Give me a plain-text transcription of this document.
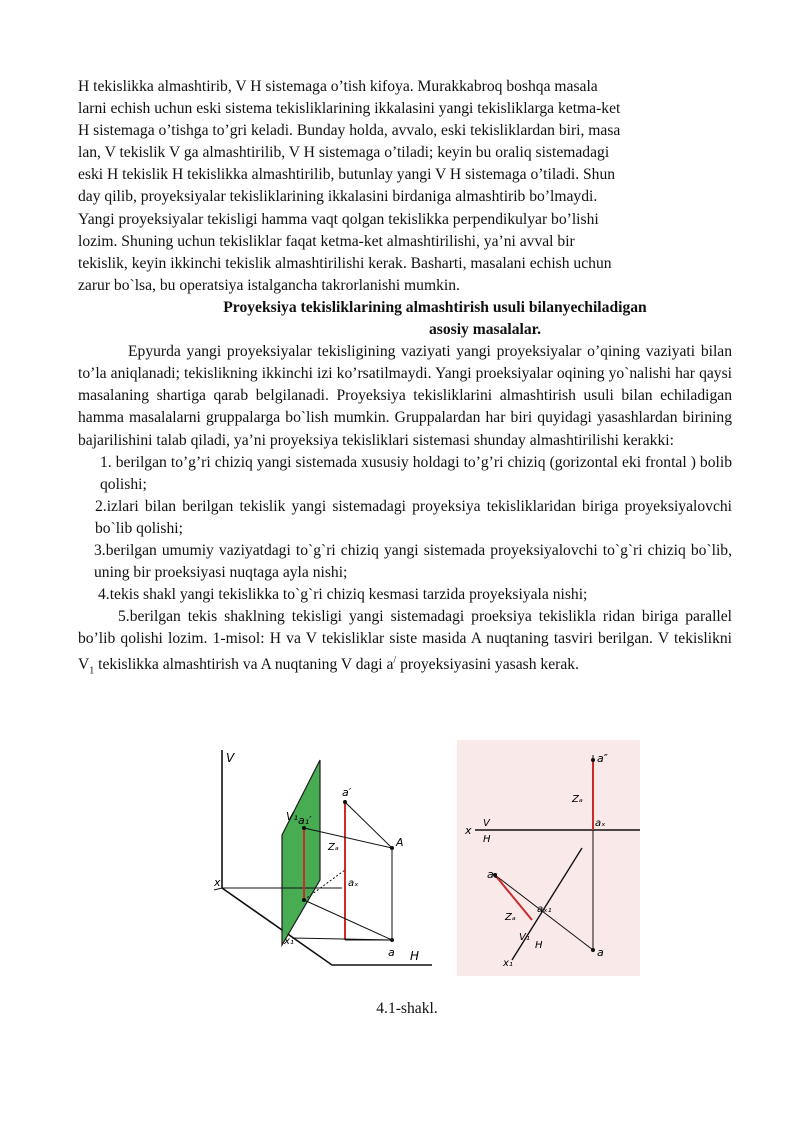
H tekislikka almashtirib, V H sistemaga o’tish kifoya. Murakkabroq boshqa masala

larni echish uchun eski sistema tekisliklarining ikkalasini yangi tekisliklarga ketma-ket

H sistemaga o’tishga to’gri keladi. Bunday holda, avvalo, eski tekisliklardan biri, masa

lan, V tekislik V ga almashtirilib, V H sistemaga o’tiladi; keyin bu oraliq sistemadagi

eski H tekislik H tekislikka almashtirilib, butunlay yangi V H sistemaga o’tiladi. Shun

day qilib, proyeksiyalar tekisliklarining ikkalasini birdaniga almashtirib bo’lmaydi.

Yangi proyeksiyalar tekisligi hamma vaqt qolgan tekislikka perpendikulyar bo’lishi

lozim. Shuning uchun tekisliklar faqat ketma-ket almashtirilishi, ya’ni avval bir

tekislik, keyin ikkinchi tekislik almashtirilishi kerak. Basharti, masalani echish uchun

zarur bo`lsa, bu operatsiya istalgancha takrorlanishi mumkin.

Proyeksiya tekisliklarining almashtirish usuli bilanyechiladigan
asosiy masalalar.

Epyurda yangi proyeksiyalar tekisligining vaziyati yangi proyeksiyalar o’qining vaziyati bilan to’la aniqlanadi; tekislikning ikkinchi izi ko’rsatilmaydi. Yangi proeksiyalar oqining yo`nalishi har qaysi masalaning shartiga qarab belgilanadi. Proyeksiya tekisliklarini almashtirish usuli bilan echiladigan hamma masalalarni gruppalarga bo`lish mumkin. Gruppalardan har biri quyidagi yasashlardan birining bajarilishini talab qiladi, ya’ni proyeksiya tekisliklari sistemasi shunday almashtirilishi kerakki:

1. berilgan to’g’ri chiziq yangi sistemada xususiy holdagi to’g’ri chiziq (gorizontal eki frontal ) bolib qolishi;

2.izlari bilan berilgan tekislik yangi sistemadagi proyeksiya tekisliklaridan biriga proyeksiyalovchi bo`lib qolishi;

3.berilgan umumiy vaziyatdagi to`g`ri chiziq yangi sistemada proyeksiyalovchi to`g`ri chiziq bo`lib, uning bir proeksiyasi nuqtaga ayla nishi;

4.tekis shakl yangi tekislikka to`g`ri chiziq kesmasi tarzida proyeksiyala nishi;

5.berilgan tekis shaklning tekisligi yangi sistemadagi proeksiya tekislikla ridan biriga parallel bo’lib qolishi lozim. 1-misol: H va V tekisliklar siste masida A nuqtaning tasviri berilgan. V tekislikni $V_1$ tekislikka almashtirish va A nuqtaning V dagi a/ proyeksiyasini yasash kerak.

V
V₁
H
x
x₁
a′
a₁′
A
Zₐ
aₓ
a
a″
Zₐ
aₓ
x
V
H
a₁
aₓ₁
Zₐ
V₁
H
x₁
a
4.1-shakl.
